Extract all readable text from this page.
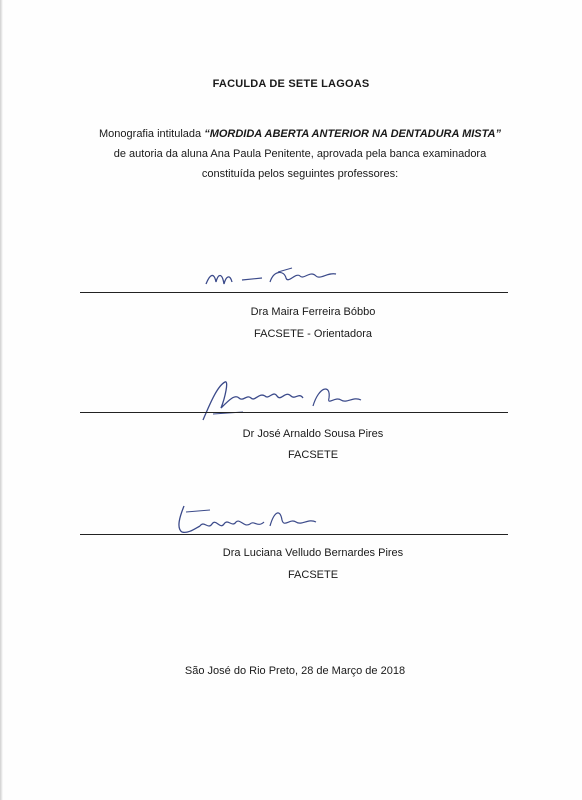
FACULDA DE SETE LAGOAS
Monografia intitulada “MORDIDA ABERTA ANTERIOR NA DENTADURA MISTA”
de autoria da aluna Ana Paula Penitente, aprovada pela banca examinadora
constituída pelos seguintes professores:
Dra Maira Ferreira Bóbbo
FACSETE - Orientadora
Dr José Arnaldo Sousa Pires
FACSETE
Dra Luciana Velludo Bernardes Pires
FACSETE
São José do Rio Preto, 28 de Março de 2018
